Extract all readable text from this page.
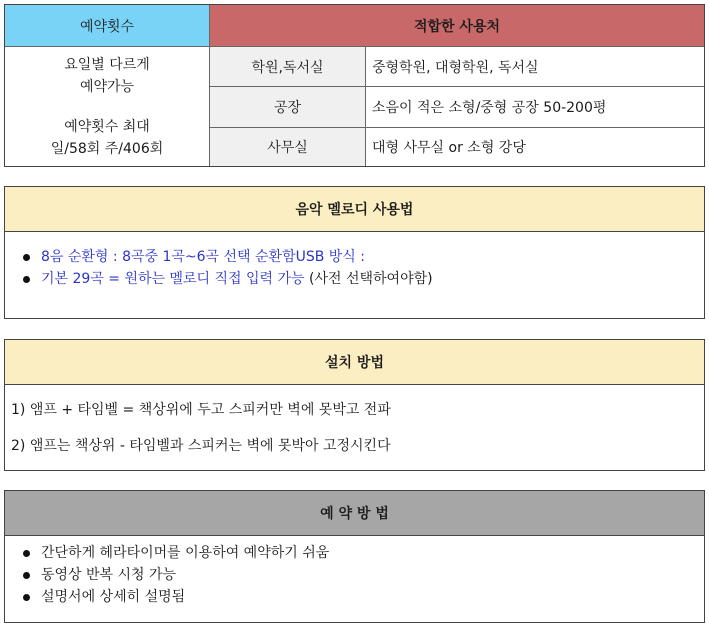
예약횟수	적합한 사용처
요일별 다르게
예약가능
예약횟수 최대
일/58회 주/406회
학원,독서실	중형학원, 대형학원, 독서실
공장	소음이 적은 소형/중형 공장 50-200평
사무실	대형 사무실 or 소형 강당
음악 멜로디 사용법
8음 순환형 : 8곡중 1곡~6곡 선택 순환함USB 방식 :
기본 29곡 = 원하는 멜로디 직접 입력 가능 (사전 선택하여야함)
설치 방법

1) 앰프 + 타임벨 = 책상위에 두고 스피커만 벽에 못박고 전파

2) 앰프는 책상위 - 타임벨과 스피커는 벽에 못박아 고정시킨다

예 약 방 법
간단하게 헤라타이머를 이용하여 예약하기 쉬움
동영상 반복 시청 가능
설명서에 상세히 설명됨
